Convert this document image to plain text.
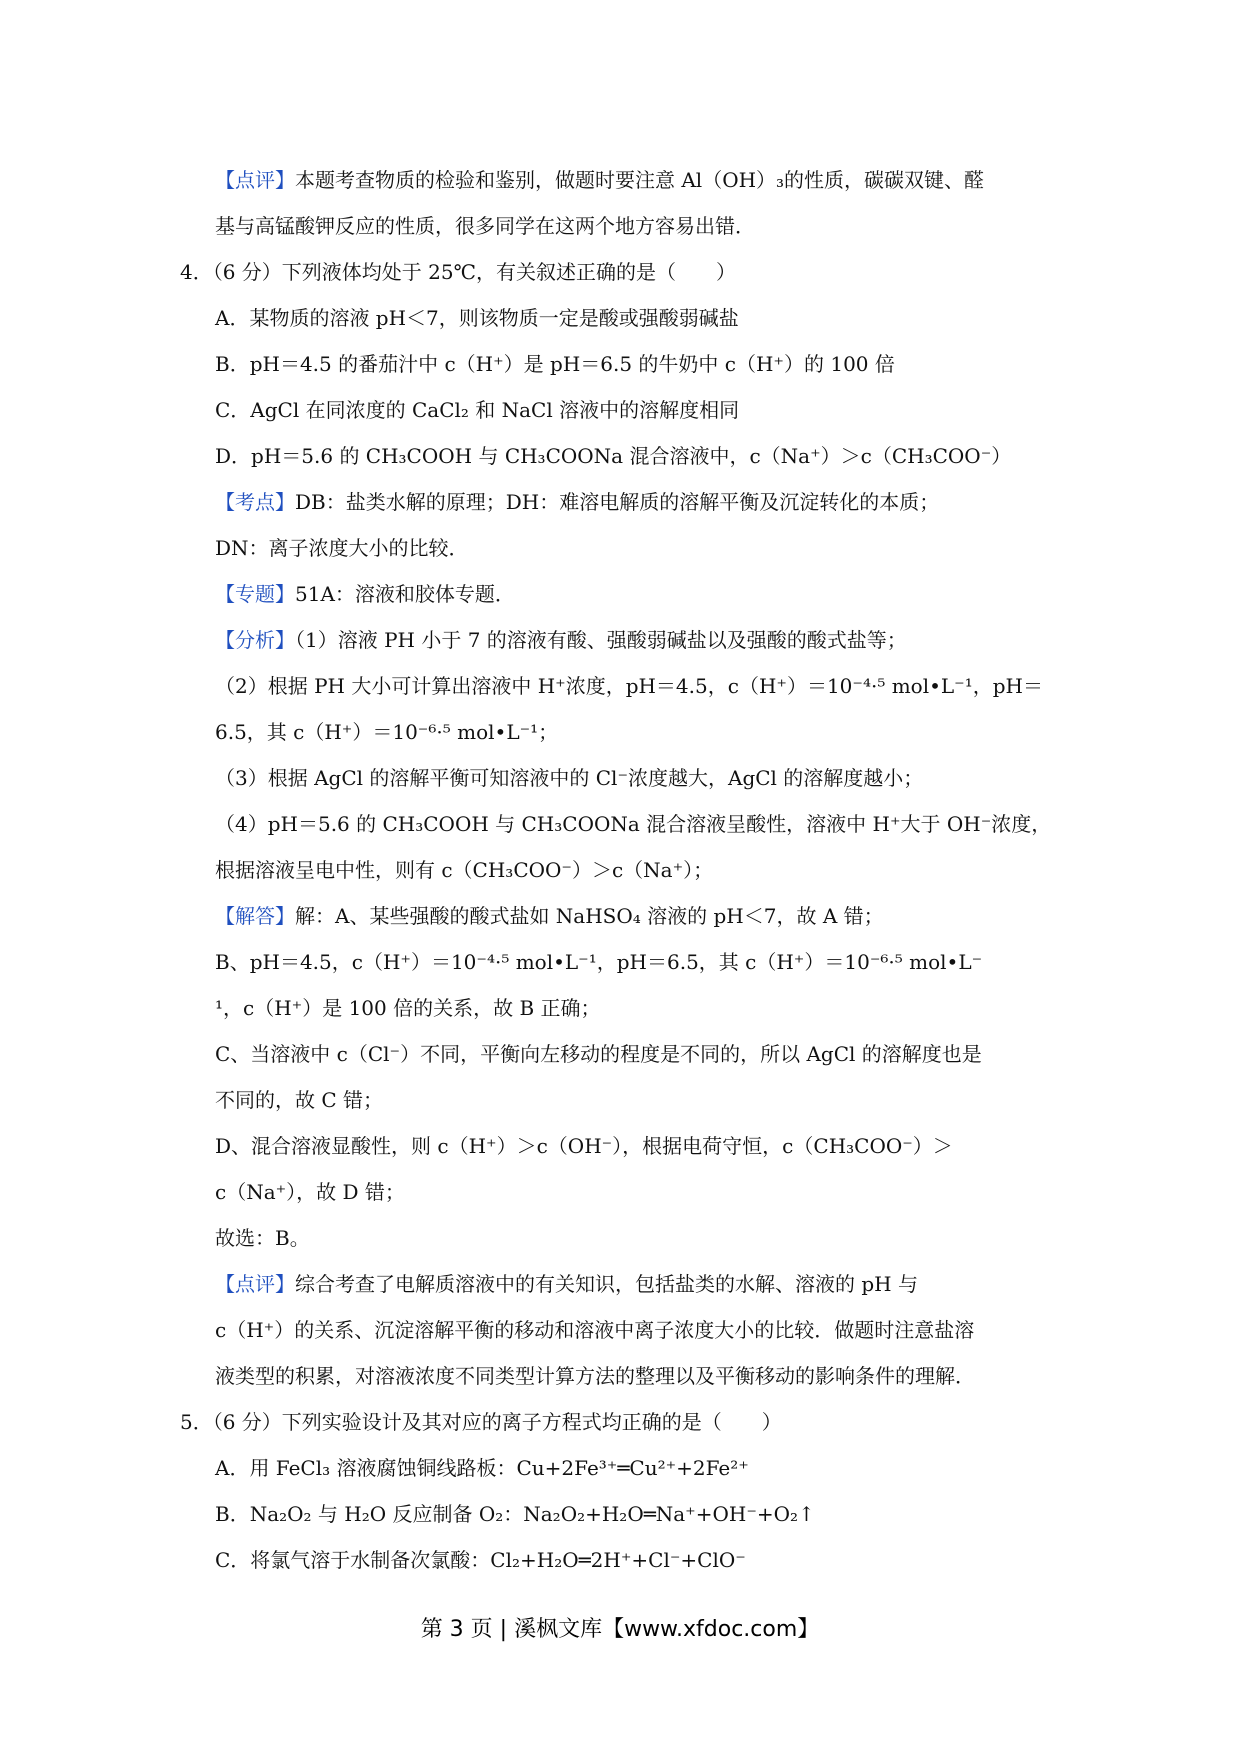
【点评】本题考查物质的检验和鉴别，做题时要注意 Al（OH）₃的性质，碳碳双键、醛
基与高锰酸钾反应的性质，很多同学在这两个地方容易出错．
4．（6 分）下列液体均处于 25℃，有关叙述正确的是（　　）
A．某物质的溶液 pH＜7，则该物质一定是酸或强酸弱碱盐
B．pH＝4.5 的番茄汁中 c（H⁺）是 pH＝6.5 的牛奶中 c（H⁺）的 100 倍
C．AgCl 在同浓度的 CaCl₂ 和 NaCl 溶液中的溶解度相同
D．pH＝5.6 的 CH₃COOH 与 CH₃COONa 混合溶液中，c（Na⁺）＞c（CH₃COO⁻）
【考点】DB：盐类水解的原理；DH：难溶电解质的溶解平衡及沉淀转化的本质；
DN：离子浓度大小的比较．
【专题】51A：溶液和胶体专题．
【分析】（1）溶液 PH 小于 7 的溶液有酸、强酸弱碱盐以及强酸的酸式盐等；
（2）根据 PH 大小可计算出溶液中 H⁺浓度，pH＝4.5，c（H⁺）＝10⁻⁴·⁵ mol•L⁻¹，pH＝
6.5，其 c（H⁺）＝10⁻⁶·⁵ mol•L⁻¹；
（3）根据 AgCl 的溶解平衡可知溶液中的 Cl⁻浓度越大，AgCl 的溶解度越小；
（4）pH＝5.6 的 CH₃COOH 与 CH₃COONa 混合溶液呈酸性，溶液中 H⁺大于 OH⁻浓度，
根据溶液呈电中性，则有 c（CH₃COO⁻）＞c（Na⁺）；
【解答】解：A、某些强酸的酸式盐如 NaHSO₄ 溶液的 pH＜7，故 A 错；
B、pH＝4.5，c（H⁺）＝10⁻⁴·⁵ mol•L⁻¹，pH＝6.5，其 c（H⁺）＝10⁻⁶·⁵ mol•L⁻
¹，c（H⁺）是 100 倍的关系，故 B 正确；
C、当溶液中 c（Cl⁻）不同，平衡向左移动的程度是不同的，所以 AgCl 的溶解度也是
不同的，故 C 错；
D、混合溶液显酸性，则 c（H⁺）＞c（OH⁻），根据电荷守恒，c（CH₃COO⁻）＞
c（Na⁺），故 D 错；
故选：B。
【点评】综合考查了电解质溶液中的有关知识，包括盐类的水解、溶液的 pH 与
c（H⁺）的关系、沉淀溶解平衡的移动和溶液中离子浓度大小的比较．做题时注意盐溶
液类型的积累，对溶液浓度不同类型计算方法的整理以及平衡移动的影响条件的理解．
5．（6 分）下列实验设计及其对应的离子方程式均正确的是（　　）
A．用 FeCl₃ 溶液腐蚀铜线路板：Cu+2Fe³⁺═Cu²⁺+2Fe²⁺
B．Na₂O₂ 与 H₂O 反应制备 O₂：Na₂O₂+H₂O═Na⁺+OH⁻+O₂↑
C．将氯气溶于水制备次氯酸：Cl₂+H₂O═2H⁺+Cl⁻+ClO⁻
第 3 页 | 溪枫文库【www.xfdoc.com】
